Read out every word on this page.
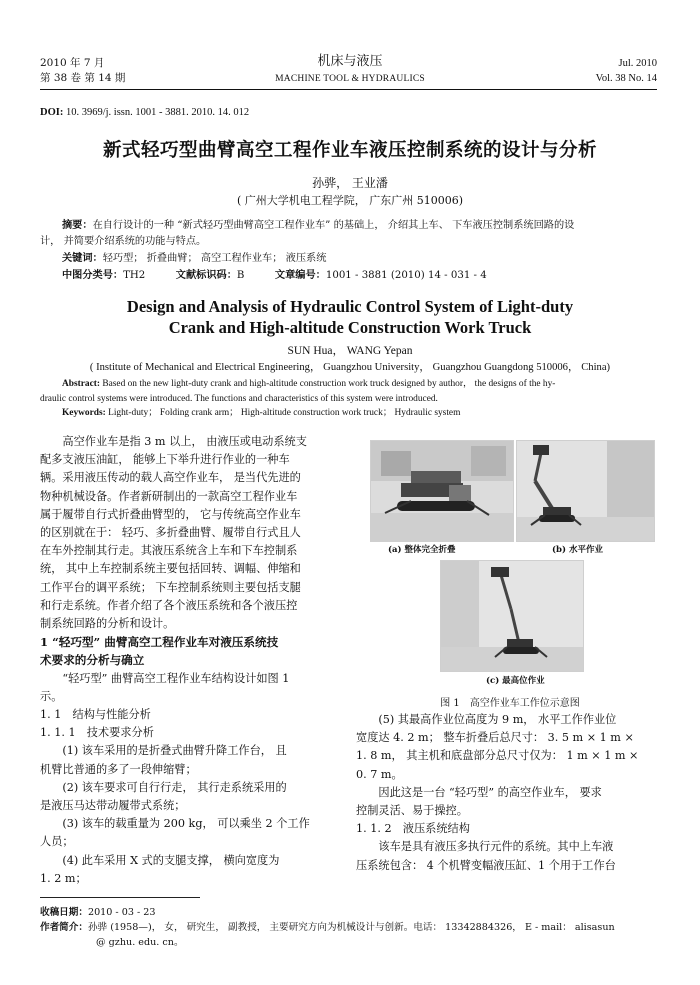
2010 年 7 月
第 38 卷 第 14 期
机床与液压
MACHINE TOOL & HYDRAULICS
Jul. 2010
Vol. 38 No. 14
DOI: 10. 3969/j. issn. 1001 - 3881. 2010. 14. 012
新式轻巧型曲臂高空工程作业车液压控制系统的设计与分析
孙骅， 王业潘
( 广州大学机电工程学院， 广东广州 510006)

摘要：在自行设计的一种 “新式轻巧型曲臂高空工程作业车” 的基础上， 介绍其上车、 下车液压控制系统回路的设

计， 并简要介绍系统的功能与特点。

关键词：轻巧型； 折叠曲臂； 高空工程作业车； 液压系统

中图分类号：TH2	文献标识码：B	文章编号：1001 - 3881 (2010) 14 - 031 - 4

Design and Analysis of Hydraulic Control System of Light-duty
Crank and High-altitude Construction Work Truck
SUN Hua， WANG Yepan
( Institute of Mechanical and Electrical Engineering， Guangzhou University， Guangzhou Guangdong 510006， China)

Abstract: Based on the new light-duty crank and high-altitude construction work truck designed by author， the designs of the hy-

draulic control systems were introduced. The functions and characteristics of this system were introduced.

Keywords: Light-duty； Folding crank arm； High-altitude construction work truck； Hydraulic system

　　高空作业车是指 3 m 以上， 由液压或电动系统支

配多支液压油缸， 能够上下举升进行作业的一种车

辆。采用液压传动的载人高空作业车， 是当代先进的

物种机械设备。作者新研制出的一款高空工程作业车

属于履带自行式折叠曲臂型的， 它与传统高空作业车

的区别就在于： 轻巧、多折叠曲臂、履带自行式且人

在车外控制其行走。其液压系统含上车和下车控制系

统， 其中上车控制系统主要包括回转、调幅、伸缩和

工作平台的调平系统； 下车控制系统则主要包括支腿

和行走系统。作者介绍了各个液压系统和各个液压控

制系统回路的分析和设计。

1 “轻巧型” 曲臂高空工程作业车对液压系统技

术要求的分析与确立

　　“轻巧型” 曲臂高空工程作业车结构设计如图 1

示。

1. 1　结构与性能分析

1. 1. 1　技术要求分析

　　(1) 该车采用的是折叠式曲臂升降工作台， 且

机臂比普通的多了一段伸缩臂；

　　(2) 该车要求可自行行走， 其行走系统采用的

是液压马达带动履带式系统；

　　(3) 该车的载重量为 200 kg， 可以乘坐 2 个工作

人员；

　　(4) 此车采用 X 式的支腿支撑， 横向宽度为

1. 2 m；

(a) 整体完全折叠	(b) 水平作业
(c) 最高位作业
图 1　高空作业车工作位示意图

　　(5) 其最高作业位高度为 9 m， 水平工作作业位

宽度达 4. 2 m； 整车折叠后总尺寸： 3. 5 m × 1 m ×

1. 8 m， 其主机和底盘部分总尺寸仅为： 1 m × 1 m ×

0. 7 m。

　　因此这是一台 “轻巧型” 的高空作业车， 要求

控制灵活、易于操控。

1. 1. 2　液压系统结构

　　该车是具有液压多执行元件的系统。其中上车液

压系统包含： 4 个机臂变幅液压缸、1 个用于工作台

收稿日期：2010 - 03 - 23

作者简介：孙骅 (1958—)， 女， 研究生， 副教授， 主要研究方向为机械设计与创新。电话： 13342884326， E - mail： alisasun

@ gzhu. edu. cn。
